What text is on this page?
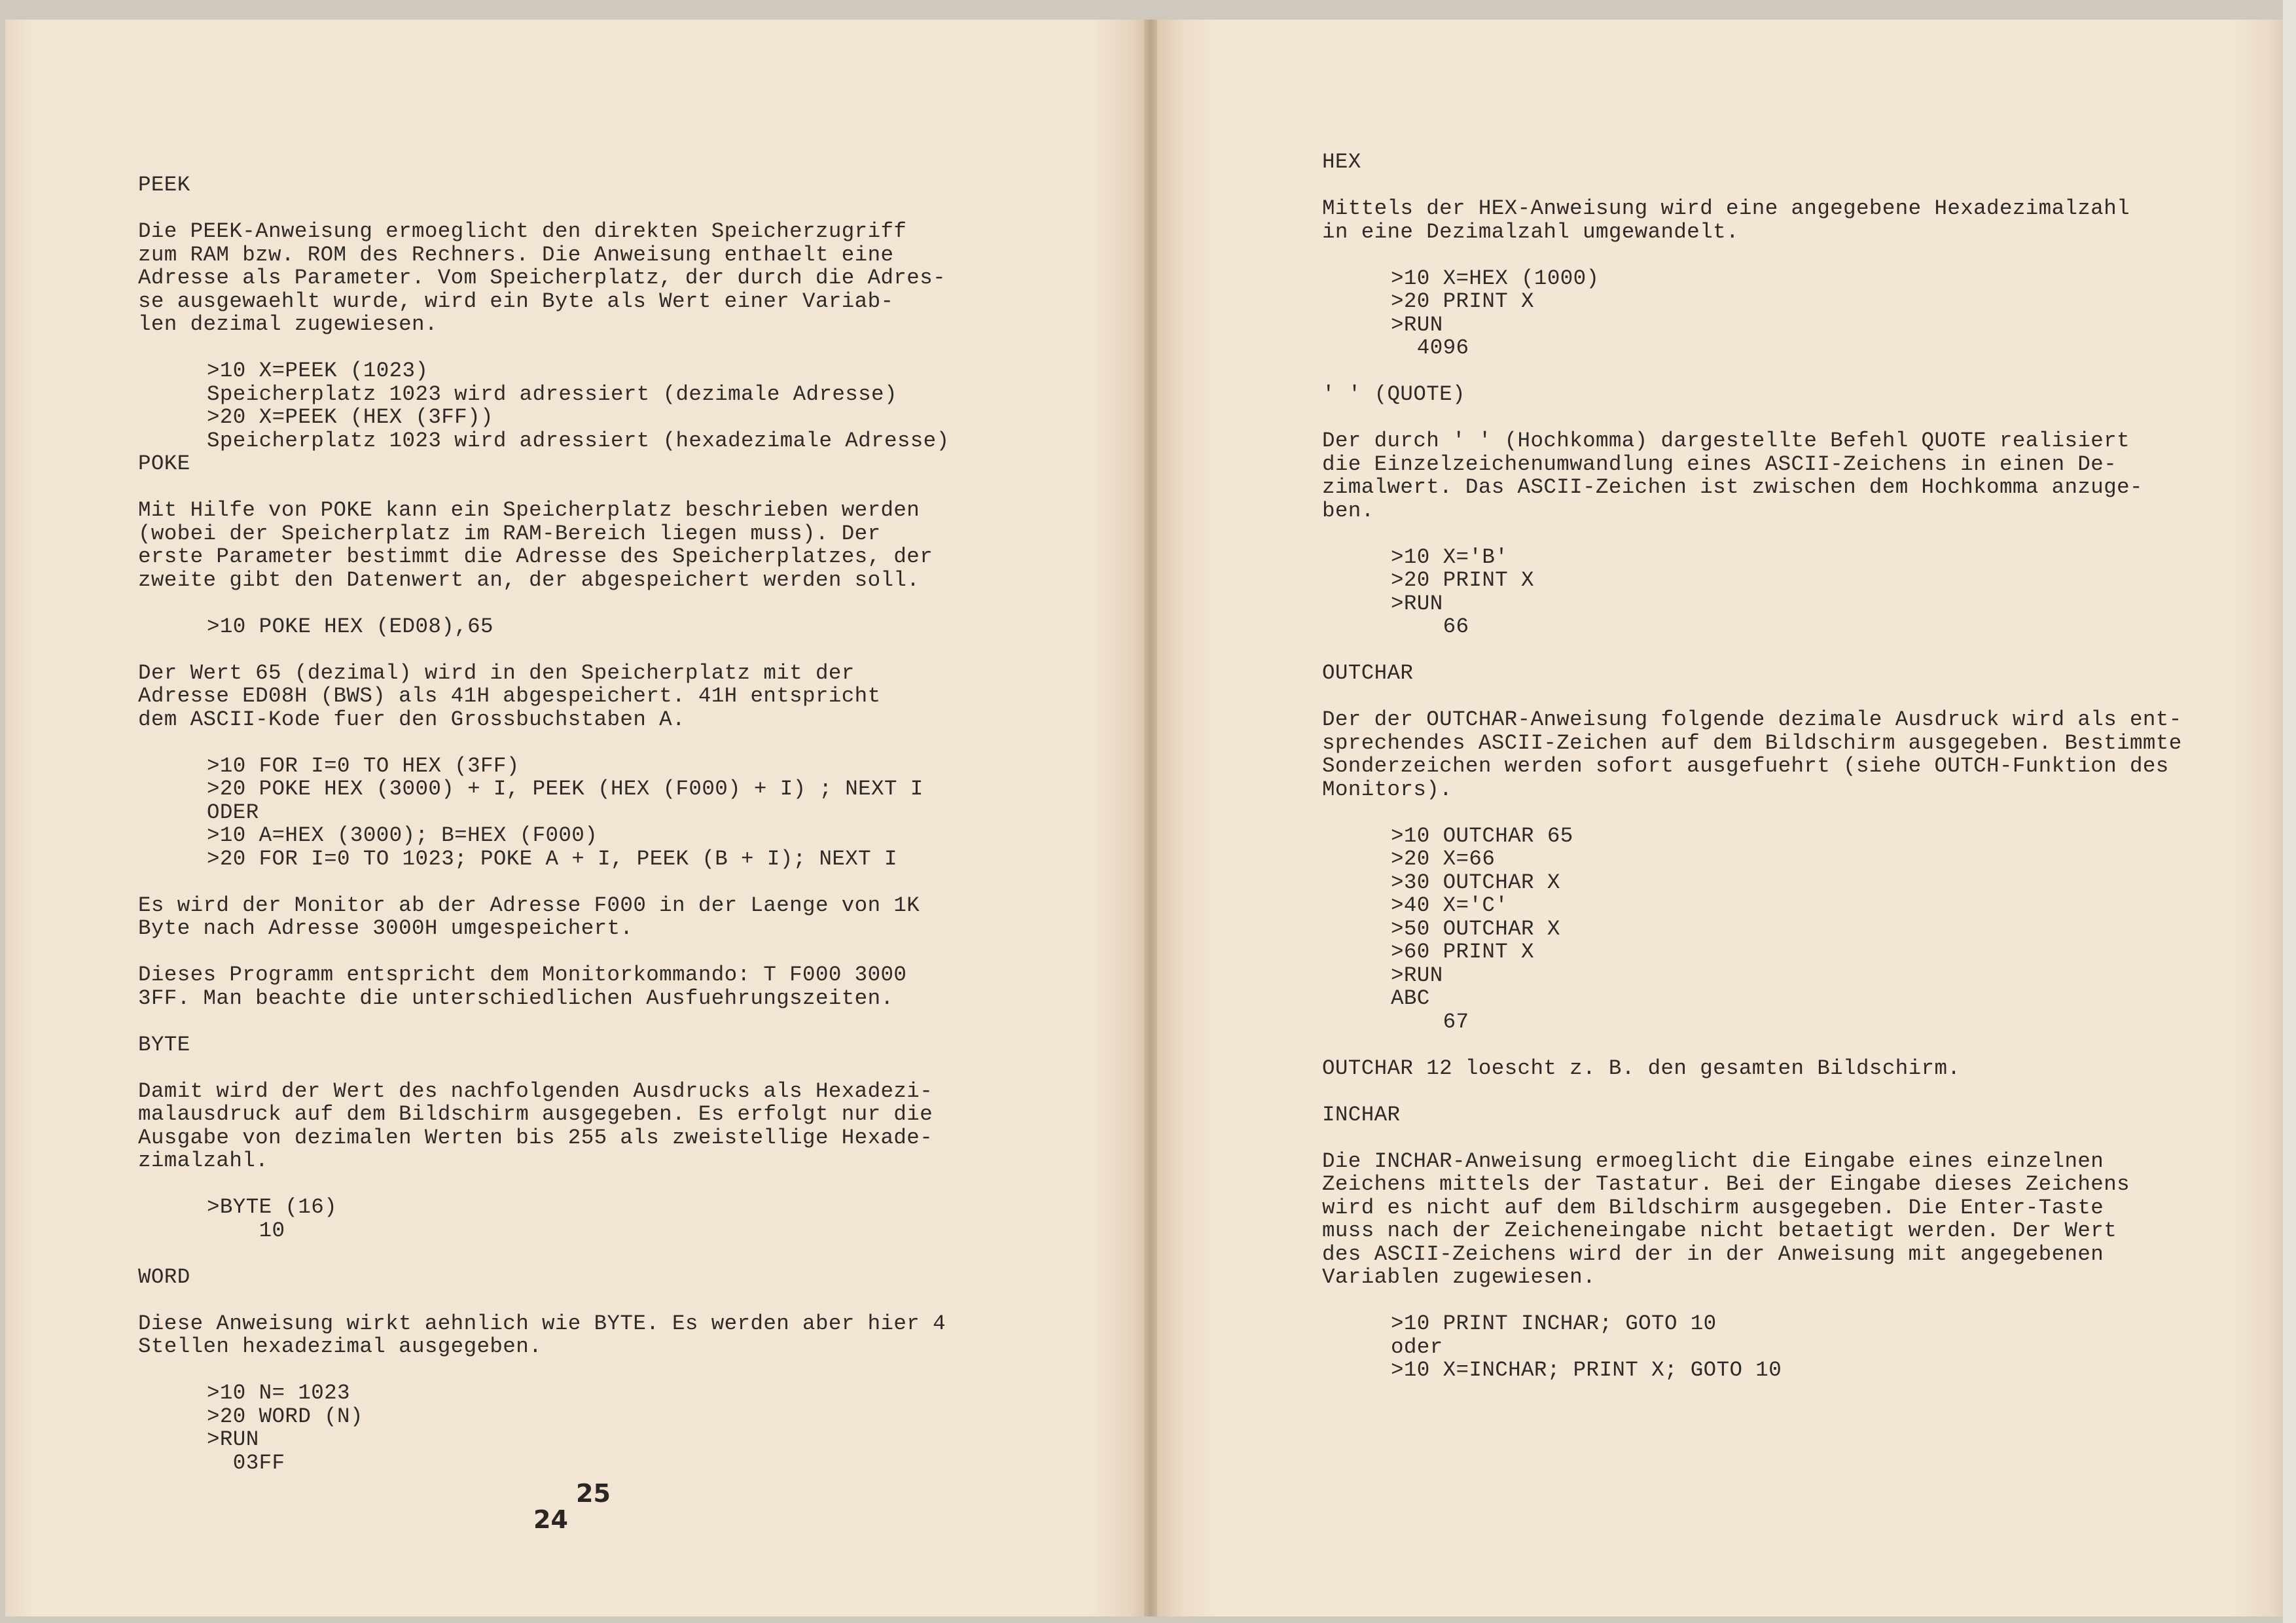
PEEK
Die PEEK-Anweisung ermoeglicht den direkten Speicherzugriff
zum RAM bzw. ROM des Rechners. Die Anweisung enthaelt eine
Adresse als Parameter. Vom Speicherplatz, der durch die Adres-
se ausgewaehlt wurde, wird ein Byte als Wert einer Variab-
len dezimal zugewiesen.
>10 X=PEEK (1023)
Speicherplatz 1023 wird adressiert (dezimale Adresse)
>20 X=PEEK (HEX (3FF))
Speicherplatz 1023 wird adressiert (hexadezimale Adresse)
POKE
Mit Hilfe von POKE kann ein Speicherplatz beschrieben werden
(wobei der Speicherplatz im RAM-Bereich liegen muss). Der
erste Parameter bestimmt die Adresse des Speicherplatzes, der
zweite gibt den Datenwert an, der abgespeichert werden soll.
>10 POKE HEX (ED08),65
Der Wert 65 (dezimal) wird in den Speicherplatz mit der
Adresse ED08H (BWS) als 41H abgespeichert. 41H entspricht
dem ASCII-Kode fuer den Grossbuchstaben A.
>10 FOR I=0 TO HEX (3FF)
>20 POKE HEX (3000) + I, PEEK (HEX (F000) + I) ; NEXT I
ODER
>10 A=HEX (3000); B=HEX (F000)
>20 FOR I=0 TO 1023; POKE A + I, PEEK (B + I); NEXT I
Es wird der Monitor ab der Adresse F000 in der Laenge von 1K
Byte nach Adresse 3000H umgespeichert.
Dieses Programm entspricht dem Monitorkommando: T F000 3000
3FF. Man beachte die unterschiedlichen Ausfuehrungszeiten.
BYTE
Damit wird der Wert des nachfolgenden Ausdrucks als Hexadezi-
malausdruck auf dem Bildschirm ausgegeben. Es erfolgt nur die
Ausgabe von dezimalen Werten bis 255 als zweistellige Hexade-
zimalzahl.
>BYTE (16)
10
WORD
Diese Anweisung wirkt aehnlich wie BYTE. Es werden aber hier 4
Stellen hexadezimal ausgegeben.
>10 N= 1023
>20 WORD (N)
>RUN
03FF
HEX
Mittels der HEX-Anweisung wird eine angegebene Hexadezimalzahl
in eine Dezimalzahl umgewandelt.
>10 X=HEX (1000)
>20 PRINT X
>RUN
4096
' ' (QUOTE)
Der durch ' ' (Hochkomma) dargestellte Befehl QUOTE realisiert
die Einzelzeichenumwandlung eines ASCII-Zeichens in einen De-
zimalwert. Das ASCII-Zeichen ist zwischen dem Hochkomma anzuge-
ben.
>10 X='B'
>20 PRINT X
>RUN
66
OUTCHAR
Der der OUTCHAR-Anweisung folgende dezimale Ausdruck wird als ent-
sprechendes ASCII-Zeichen auf dem Bildschirm ausgegeben. Bestimmte
Sonderzeichen werden sofort ausgefuehrt (siehe OUTCH-Funktion des
Monitors).
>10 OUTCHAR 65
>20 X=66
>30 OUTCHAR X
>40 X='C'
>50 OUTCHAR X
>60 PRINT X
>RUN
ABC
67
OUTCHAR 12 loescht z. B. den gesamten Bildschirm.
INCHAR
Die INCHAR-Anweisung ermoeglicht die Eingabe eines einzelnen
Zeichens mittels der Tastatur. Bei der Eingabe dieses Zeichens
wird es nicht auf dem Bildschirm ausgegeben. Die Enter-Taste
muss nach der Zeicheneingabe nicht betaetigt werden. Der Wert
des ASCII-Zeichens wird der in der Anweisung mit angegebenen
Variablen zugewiesen.
>10 PRINT INCHAR; GOTO 10
oder
>10 X=INCHAR; PRINT X; GOTO 10
24
25
